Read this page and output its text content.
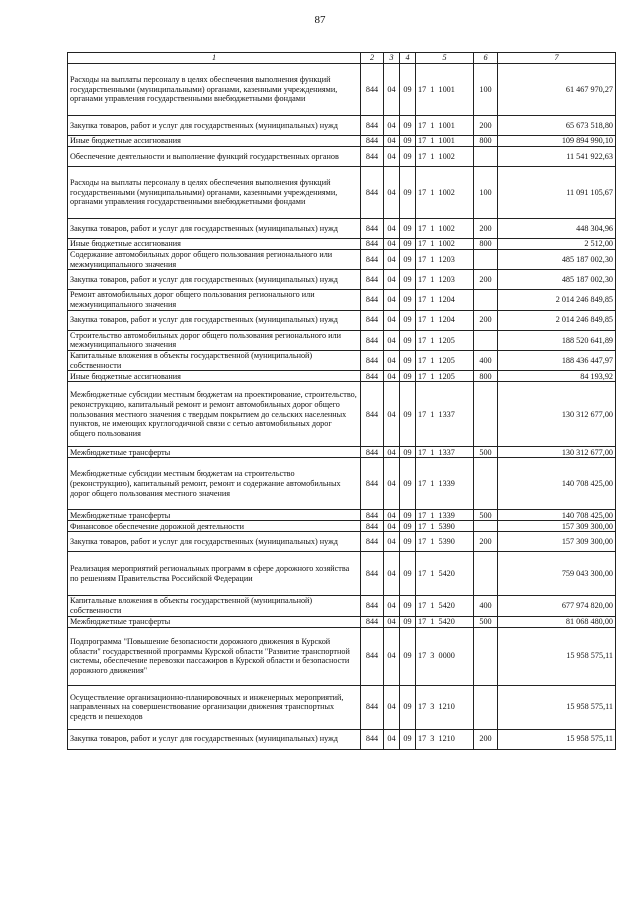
87
1	2	3	4	5	6	7
Расходы на выплаты персоналу в целях обеспечения выполнения функций государственными (муниципальными) органами, казенными учреждениями, органами управления государственными внебюджетными фондами	844	04	09	17  1  1001	100	61 467 970,27
Закупка товаров, работ и услуг для государственных (муниципальных) нужд	844	04	09	17  1  1001	200	65 673 518,80
Иные бюджетные ассигнования	844	04	09	17  1  1001	800	109 894 990,10
Обеспечение деятельности и выполнение функций государственных органов	844	04	09	17  1  1002		11 541 922,63
Расходы на выплаты персоналу в целях обеспечения выполнения функций государственными (муниципальными) органами, казенными учреждениями, органами управления государственными внебюджетными фондами	844	04	09	17  1  1002	100	11 091 105,67
Закупка товаров, работ и услуг для государственных (муниципальных) нужд	844	04	09	17  1  1002	200	448 304,96
Иные бюджетные ассигнования	844	04	09	17  1  1002	800	2 512,00
Содержание автомобильных дорог общего пользования регионального или межмуниципального значения	844	04	09	17  1  1203		485 187 002,30
Закупка товаров, работ и услуг для государственных (муниципальных) нужд	844	04	09	17  1  1203	200	485 187 002,30
Ремонт автомобильных дорог общего пользования регионального или межмуниципального значения	844	04	09	17  1  1204		2 014 246 849,85
Закупка товаров, работ и услуг для государственных (муниципальных) нужд	844	04	09	17  1  1204	200	2 014 246 849,85
Строительство автомобильных дорог общего пользования регионального или межмуниципального значения	844	04	09	17  1  1205		188 520 641,89
Капитальные вложения в объекты государственной (муниципальной) собственности	844	04	09	17  1  1205	400	188 436 447,97
Иные бюджетные ассигнования	844	04	09	17  1  1205	800	84 193,92
Межбюджетные субсидии местным бюджетам на проектирование, строительство, реконструкцию, капитальный ремонт и ремонт автомобильных дорог общего пользования местного значения с твердым покрытием до сельских населенных пунктов, не имеющих круглогодичной связи с сетью автомобильных дорог общего пользования	844	04	09	17  1  1337		130 312 677,00
Межбюджетные трансферты	844	04	09	17  1  1337	500	130 312 677,00
Межбюджетные субсидии местным бюджетам на строительство (реконструкцию), капитальный ремонт, ремонт и содержание автомобильных дорог общего пользования местного значения	844	04	09	17  1  1339		140 708 425,00
Межбюджетные трансферты	844	04	09	17  1  1339	500	140 708 425,00
Финансовое обеспечение дорожной деятельности	844	04	09	17  1  5390		157 309 300,00
Закупка товаров, работ и услуг для государственных (муниципальных) нужд	844	04	09	17  1  5390	200	157 309 300,00
Реализация мероприятий региональных программ в сфере дорожного хозяйства по решениям Правительства Российской Федерации	844	04	09	17  1  5420		759 043 300,00
Капитальные вложения в объекты государственной (муниципальной) собственности	844	04	09	17  1  5420	400	677 974 820,00
Межбюджетные трансферты	844	04	09	17  1  5420	500	81 068 480,00
Подпрограмма "Повышение безопасности дорожного движения в Курской области" государственной программы Курской области "Развитие транспортной системы, обеспечение перевозки пассажиров в Курской области и безопасности дорожного движения"	844	04	09	17  3  0000		15 958 575,11
Осуществление организационно-планировочных и инженерных мероприятий, направленных на совершенствование организации движения транспортных средств и пешеходов	844	04	09	17  3  1210		15 958 575,11
Закупка товаров, работ и услуг для государственных (муниципальных) нужд	844	04	09	17  3  1210	200	15 958 575,11
